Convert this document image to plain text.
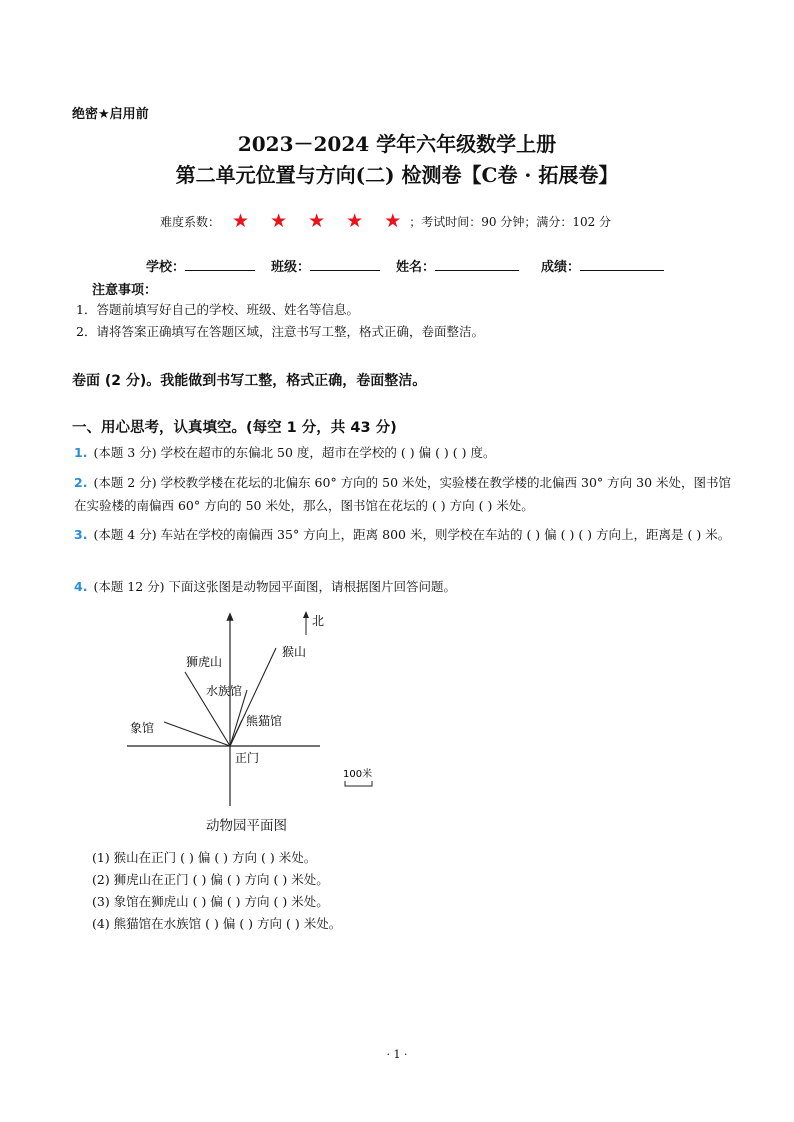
绝密★启用前
2023－2024 学年六年级数学上册
第二单元位置与方向(二) 检测卷【C卷 · 拓展卷】
难度系数： ★ ★ ★ ★ ★ ；考试时间：90 分钟；满分：102 分
学校：	班级：	姓名：	成绩：
注意事项：
1．答题前填写好自己的学校、班级、姓名等信息。
2．请将答案正确填写在答题区域，注意书写工整，格式正确，卷面整洁。
卷面 (2 分)。我能做到书写工整，格式正确，卷面整洁。
一、用心思考，认真填空。(每空 1 分，共 43 分)
1. (本题 3 分) 学校在超市的东偏北 50 度，超市在学校的 ( ) 偏 ( ) ( ) 度。
2. (本题 2 分) 学校教学楼在花坛的北偏东 60° 方向的 50 米处，实验楼在教学楼的北偏西 30° 方向 30 米处，图书馆在实验楼的南偏西 60° 方向的 50 米处，那么，图书馆在花坛的 ( ) 方向 ( ) 米处。
3. (本题 4 分) 车站在学校的南偏西 35° 方向上，距离 800 米，则学校在车站的 ( ) 偏 ( ) ( ) 方向上，距离是 ( ) 米。
4. (本题 12 分) 下面这张图是动物园平面图，请根据图片回答问题。
北
猴山
狮虎山
水族馆
熊猫馆
象馆
正门
100米
动物园平面图
(1) 猴山在正门 ( ) 偏 ( ) 方向 ( ) 米处。
(2) 狮虎山在正门 ( ) 偏 ( ) 方向 ( ) 米处。
(3) 象馆在狮虎山 ( ) 偏 ( ) 方向 ( ) 米处。
(4) 熊猫馆在水族馆 ( ) 偏 ( ) 方向 ( ) 米处。
· 1 ·
